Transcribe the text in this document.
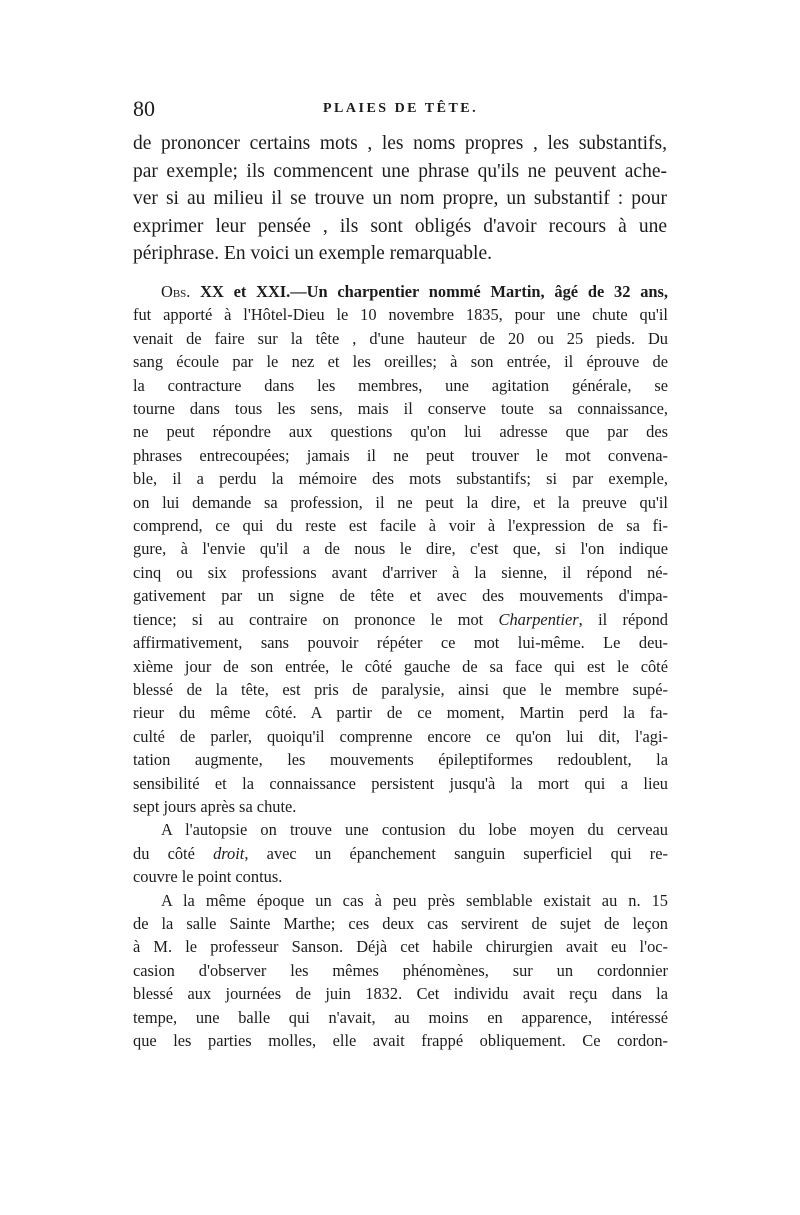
80	PLAIES DE TÊTE.
de prononcer certains mots , les noms propres , les substantifs,
par exemple; ils commencent une phrase qu'ils ne peuvent ache-
ver si au milieu il se trouve un nom propre, un substantif : pour
exprimer leur pensée , ils sont obligés d'avoir recours à une
périphrase. En voici un exemple remarquable.
Obs. XX et XXI.—Un charpentier nommé Martin, âgé de 32 ans,
fut apporté à l'Hôtel-Dieu le 10 novembre 1835, pour une chute qu'il
venait de faire sur la tête , d'une hauteur de 20 ou 25 pieds. Du
sang écoule par le nez et les oreilles; à son entrée, il éprouve de
la contracture dans les membres, une agitation générale, se
tourne dans tous les sens, mais il conserve toute sa connaissance,
ne peut répondre aux questions qu'on lui adresse que par des
phrases entrecoupées; jamais il ne peut trouver le mot convena-
ble, il a perdu la mémoire des mots substantifs; si par exemple,
on lui demande sa profession, il ne peut la dire, et la preuve qu'il
comprend, ce qui du reste est facile à voir à l'expression de sa fi-
gure, à l'envie qu'il a de nous le dire, c'est que, si l'on indique
cinq ou six professions avant d'arriver à la sienne, il répond né-
gativement par un signe de tête et avec des mouvements d'impa-
tience; si au contraire on prononce le mot Charpentier, il répond
affirmativement, sans pouvoir répéter ce mot lui-même. Le deu-
xième jour de son entrée, le côté gauche de sa face qui est le côté
blessé de la tête, est pris de paralysie, ainsi que le membre supé-
rieur du même côté. A partir de ce moment, Martin perd la fa-
culté de parler, quoiqu'il comprenne encore ce qu'on lui dit, l'agi-
tation augmente, les mouvements épileptiformes redoublent, la
sensibilité et la connaissance persistent jusqu'à la mort qui a lieu
sept jours après sa chute.
A l'autopsie on trouve une contusion du lobe moyen du cerveau
du côté droit, avec un épanchement sanguin superficiel qui re-
couvre le point contus.
A la même époque un cas à peu près semblable existait au n. 15
de la salle Sainte Marthe; ces deux cas servirent de sujet de leçon
à M. le professeur Sanson. Déjà cet habile chirurgien avait eu l'oc-
casion d'observer les mêmes phénomènes, sur un cordonnier
blessé aux journées de juin 1832. Cet individu avait reçu dans la
tempe, une balle qui n'avait, au moins en apparence, intéressé
que les parties molles, elle avait frappé obliquement. Ce cordon-
